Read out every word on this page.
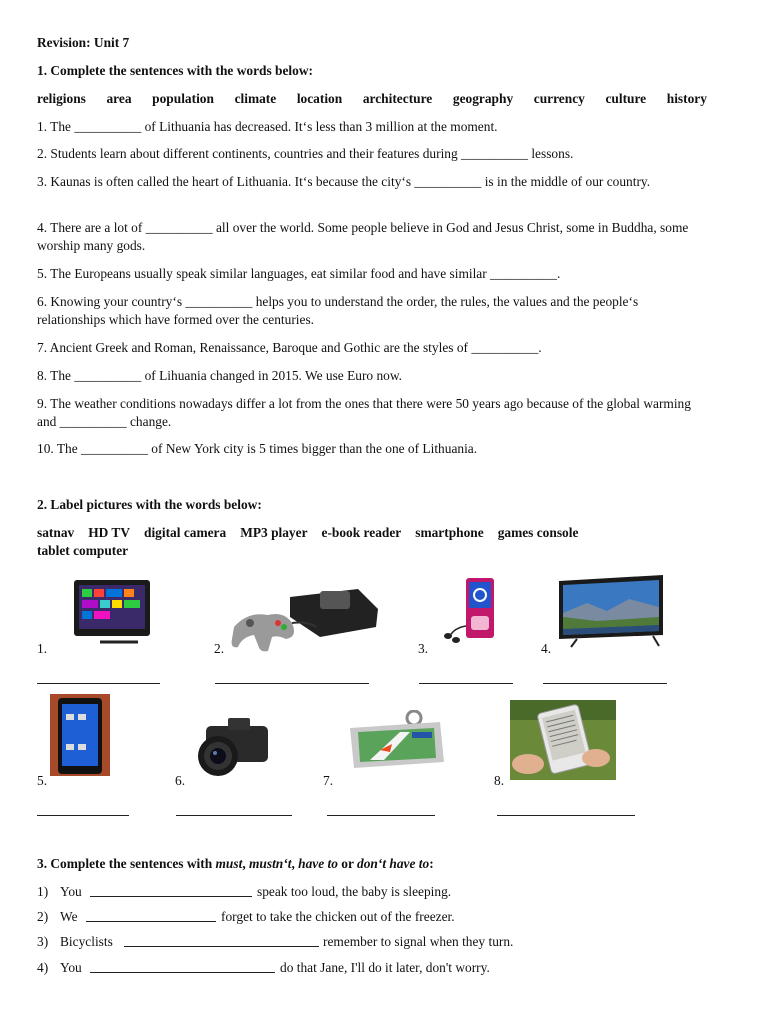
Revision: Unit 7
1. Complete the sentences with the words below:
religions area population climate location architecture geography currency culture history
1. The __________ of Lithuania has decreased. It‘s less than 3 million at the moment.
2. Students learn about different continents, countries and their features during __________ lessons.
3. Kaunas is often called the heart of Lithuania. It‘s because the city‘s __________ is in the middle of our country.
4. There are a lot of __________ all over the world. Some people believe in God and Jesus Christ, some in Buddha, some worship many gods.
5. The Europeans usually speak similar languages, eat similar food and have similar __________.
6. Knowing your country‘s __________ helps you to understand the order, the rules, the values and the people‘s relationships which have formed over the centuries.
7. Ancient Greek and Roman, Renaissance, Baroque and Gothic are the styles of __________.
8. The __________ of Lihuania changed in 2015. We use Euro now.
9. The weather conditions nowadays differ a lot from the ones that there were 50 years ago because of the global warming and __________ change.
10. The __________ of New York city is 5 times bigger than the one of Lithuania.
2. Label pictures with the words below:
satnav HD TV digital camera MP3 player e-book reader smartphone games console
tablet computer
1.	2.	3.	4.
5.	6.	7.	8.
3. Complete the sentences with must, mustn‘t, have to or don‘t have to:
1) You	speak too loud, the baby is sleeping.
2) We	forget to take the chicken out of the freezer.
3) Bicyclists	remember to signal when they turn.
4) You	do that Jane, I'll do it later, don't worry.
